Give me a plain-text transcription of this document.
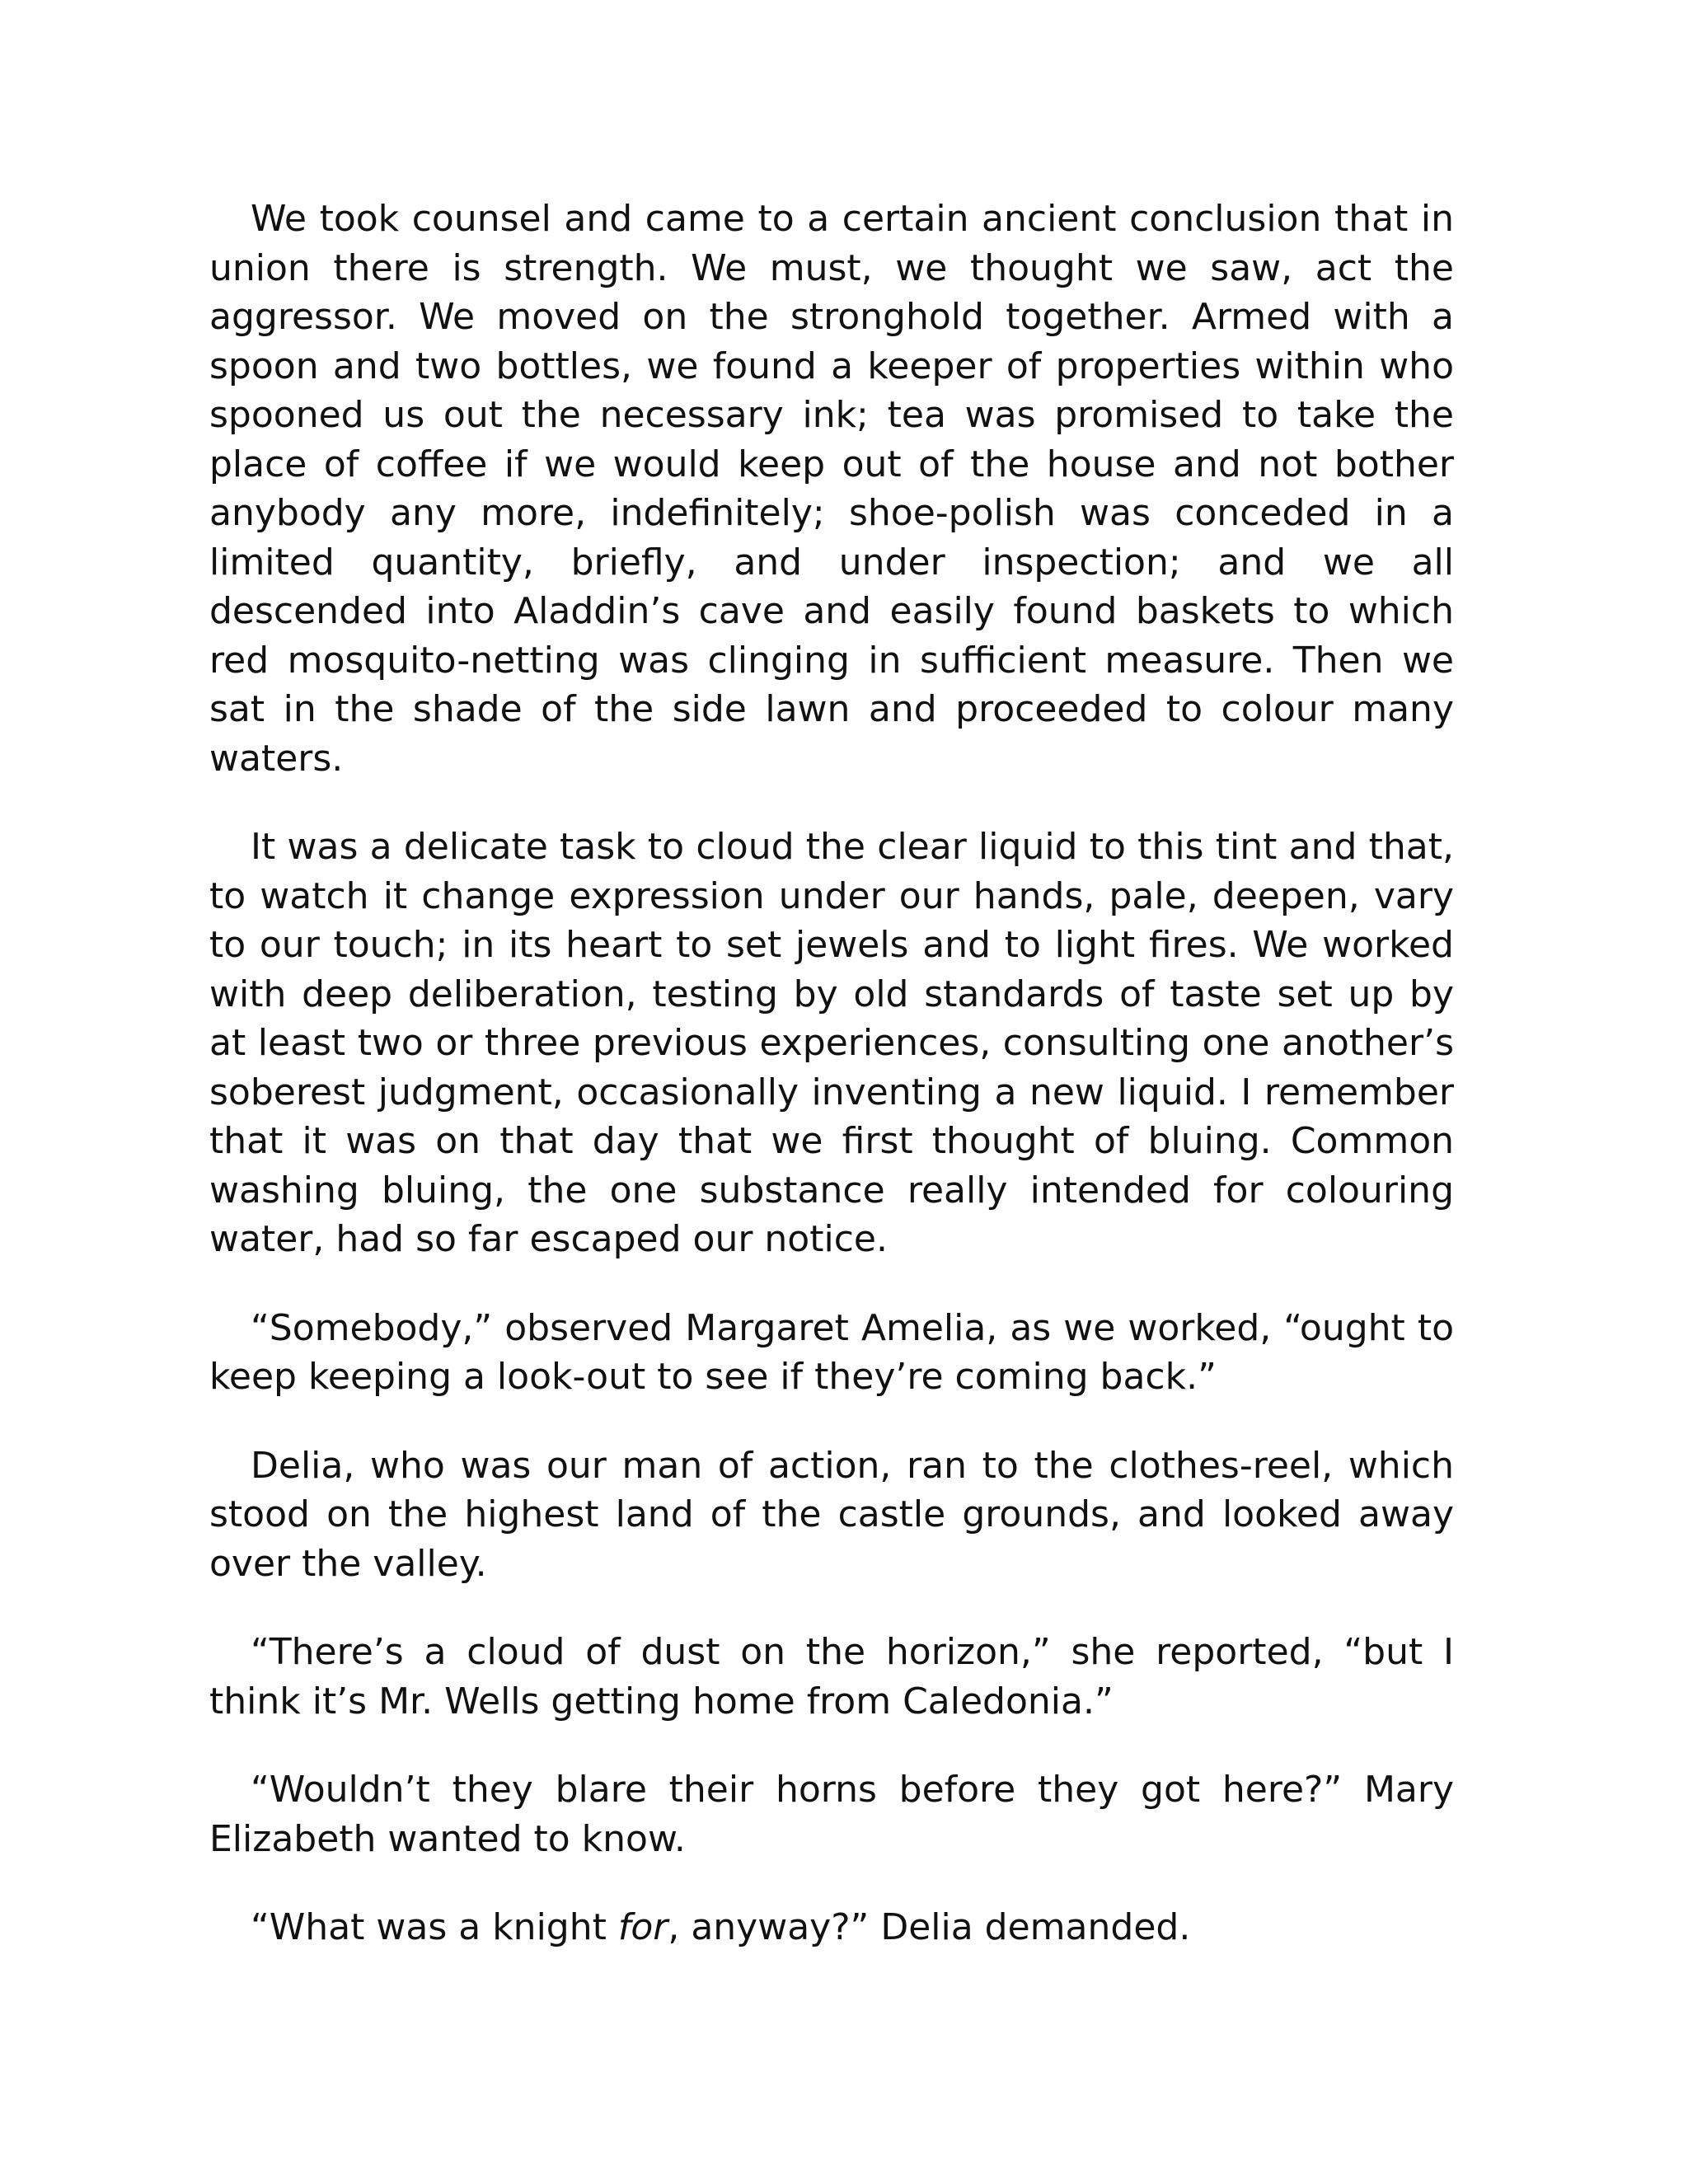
We took counsel and came to a certain ancient conclusion that in union there is strength. We must, we thought we saw, act the aggressor. We moved on the stronghold together. Armed with a spoon and two bottles, we found a keeper of properties within who spooned us out the necessary ink; tea was promised to take the place of coffee if we would keep out of the house and not bother anybody any more, indefinitely; shoe-polish was conceded in a limited quantity, briefly, and under inspection; and we all descended into Aladdin’s cave and easily found baskets to which red mosquito-netting was clinging in sufficient measure. Then we sat in the shade of the side lawn and proceeded to colour many waters.

It was a delicate task to cloud the clear liquid to this tint and that, to watch it change expression under our hands, pale, deepen, vary to our touch; in its heart to set jewels and to light fires. We worked with deep deliberation, testing by old standards of taste set up by at least two or three previous experiences, consulting one another’s soberest judgment, occasionally inventing a new liquid. I remember that it was on that day that we first thought of bluing. Common washing bluing, the one substance really intended for colouring water, had so far escaped our notice.

“Somebody,” observed Margaret Amelia, as we worked, “ought to keep keeping a look-out to see if they’re coming back.”

Delia, who was our man of action, ran to the clothes-reel, which stood on the highest land of the castle grounds, and looked away over the valley.

“There’s a cloud of dust on the horizon,” she reported, “but I think it’s Mr. Wells getting home from Caledonia.”

“Wouldn’t they blare their horns before they got here?” Mary Elizabeth wanted to know.

“What was a knight for, anyway?” Delia demanded.
